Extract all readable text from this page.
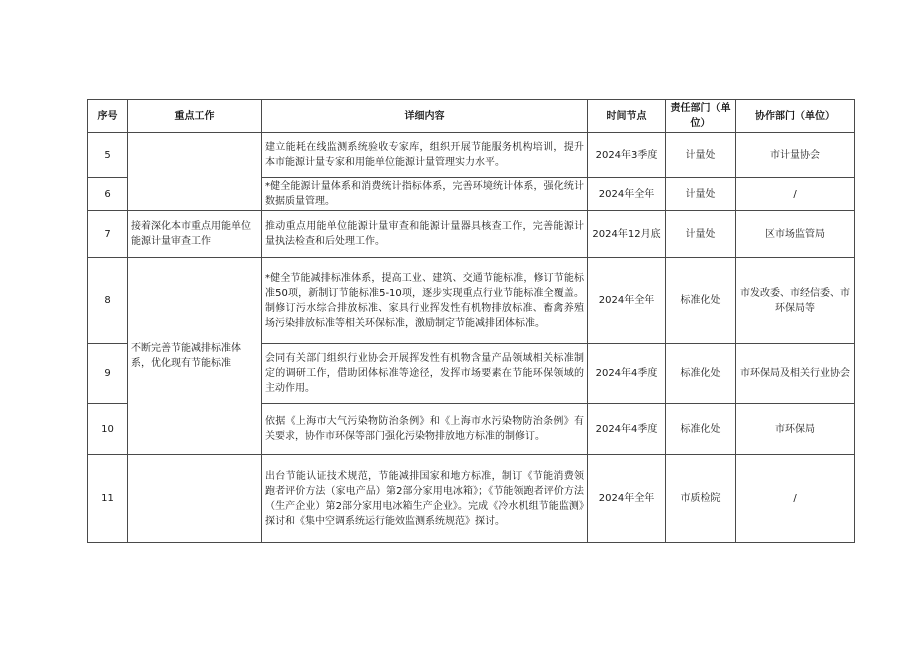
序号	重点工作	详细内容	时间节点	责任部门（单位）	协作部门（单位）
5		建立能耗在线监测系统验收专家库，组织开展节能服务机构培训，提升本市能源计量专家和用能单位能源计量管理实力水平。	2024年3季度	计量处	市计量协会
6		*健全能源计量体系和消费统计指标体系，完善环境统计体系，强化统计数据质量管理。	2024年全年	计量处	/
7	接着深化本市重点用能单位能源计量审查工作	推动重点用能单位能源计量审查和能源计量器具核查工作，完善能源计量执法检查和后处理工作。	2024年12月底	计量处	区市场监管局
8	不断完善节能减排标准体系，优化现有节能标准	*健全节能减排标准体系，提高工业、建筑、交通节能标准，修订节能标准50项，新制订节能标准5-10项，逐步实现重点行业节能标准全覆盖。制修订污水综合排放标准、家具行业挥发性有机物排放标准、畜禽养殖场污染排放标准等相关环保标准，激励制定节能减排团体标准。	2024年全年	标准化处	市发改委、市经信委、市环保局等
9		会同有关部门组织行业协会开展挥发性有机物含量产品领域相关标准制定的调研工作，借助团体标准等途径，发挥市场要素在节能环保领域的主动作用。	2024年4季度	标准化处	市环保局及相关行业协会
10		依据《上海市大气污染物防治条例》和《上海市水污染物防治条例》有关要求，协作市环保等部门强化污染物排放地方标准的制修订。	2024年4季度	标准化处	市环保局
11		出台节能认证技术规范，节能减排国家和地方标准，制订《节能消费领跑者评价方法（家电产品）第2部分家用电冰箱》；《节能领跑者评价方法（生产企业）第2部分家用电冰箱生产企业》。完成《冷水机组节能监测》探讨和《集中空调系统运行能效监测系统规范》探讨。	2024年全年	市质检院	/
